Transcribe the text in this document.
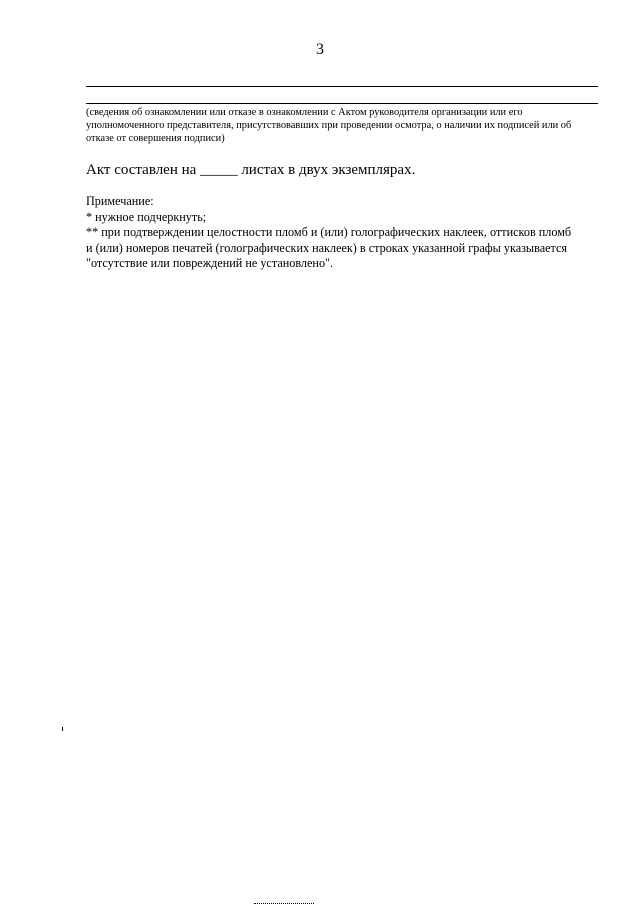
3
(сведения об ознакомлении или отказе в ознакомлении с Актом руководителя организации или его
уполномоченного представителя, присутствовавших при проведении осмотра, о наличии их подписей или об
отказе от совершения подписи)

Акт составлен на _____ листах в двух экземплярах.

Примечание:

* нужное подчеркнуть;

** при подтверждении целостности пломб и (или) голографических наклеек, оттисков пломб

и (или) номеров печатей (голографических наклеек) в строках указанной графы указывается

"отсутствие или повреждений не установлено".
